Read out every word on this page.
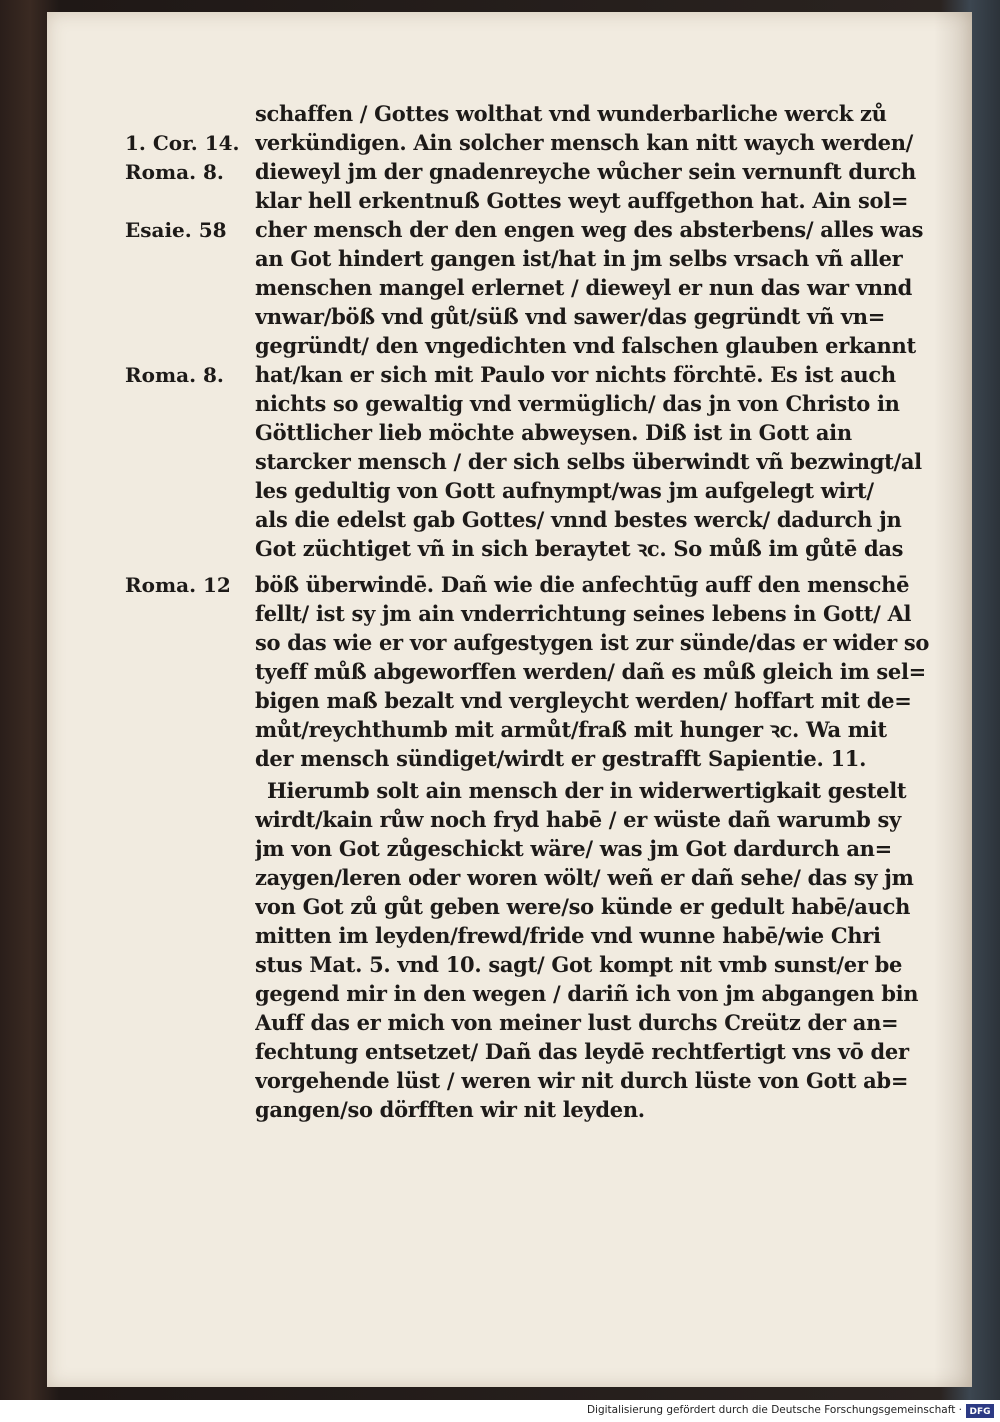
1. Cor. 14.
Roma. 8.
Esaie. 58
Roma. 8.
Roma. 12
schaffen / Gottes wolthat vnd wunderbarliche werck zů
verkündigen. Ain solcher mensch kan nitt waych werden/
dieweyl jm der gnadenreyche wůcher sein vernunft durch
klar hell erkentnuß Gottes weyt auffgethon hat. Ain sol=
cher mensch der den engen weg des absterbens/ alles was
an Got hindert gangen ist/hat in jm selbs vrsach vñ aller
menschen mangel erlernet / dieweyl er nun das war vnnd
vnwar/böß vnd gůt/süß vnd sawer/das gegründt vñ vn=
gegründt/ den vngedichten vnd falschen glauben erkannt
hat/kan er sich mit Paulo vor nichts förchtē. Es ist auch
nichts so gewaltig vnd vermüglich/ das jn von Christo in
Göttlicher lieb möchte abweysen. Diß ist in Gott ain
starcker mensch / der sich selbs überwindt vñ bezwingt/al
les gedultig von Gott aufnympt/was jm aufgelegt wirt/
als die edelst gab Gottes/ vnnd bestes werck/ dadurch jn
Got züchtiget vñ in sich beraytet ꝛc. So můß im gůtē das
böß überwindē. Dañ wie die anfechtūg auff den menschē
fellt/ ist sy jm ain vnderrichtung seines lebens in Gott/ Al
so das wie er vor aufgestygen ist zur sünde/das er wider so
tyeff můß abgeworffen werden/ dañ es můß gleich im sel=
bigen maß bezalt vnd vergleycht werden/ hoffart mit de=
můt/reychthumb mit armůt/fraß mit hunger ꝛc. Wa mit
der mensch sündiget/wirdt er gestrafft Sapientie. 11.
Hierumb solt ain mensch der in widerwertigkait gestelt
wirdt/kain růw noch fryd habē / er wüste dañ warumb sy
jm von Got zůgeschickt wäre/ was jm Got dardurch an=
zaygen/leren oder woren wölt/ weñ er dañ sehe/ das sy jm
von Got zů gůt geben were/so künde er gedult habē/auch
mitten im leyden/frewd/fride vnd wunne habē/wie Chri
stus Mat. 5. vnd 10. sagt/ Got kompt nit vmb sunst/er be
gegend mir in den wegen / dariñ ich von jm abgangen bin
Auff das er mich von meiner lust durchs Creütz der an=
fechtung entsetzet/ Dañ das leydē rechtfertigt vns vō der
vorgehende lüst / weren wir nit durch lüste von Gott ab=
gangen/so dörfften wir nit leyden.
Digitalisierung gefördert durch die Deutsche Forschungsgemeinschaft · DFG
